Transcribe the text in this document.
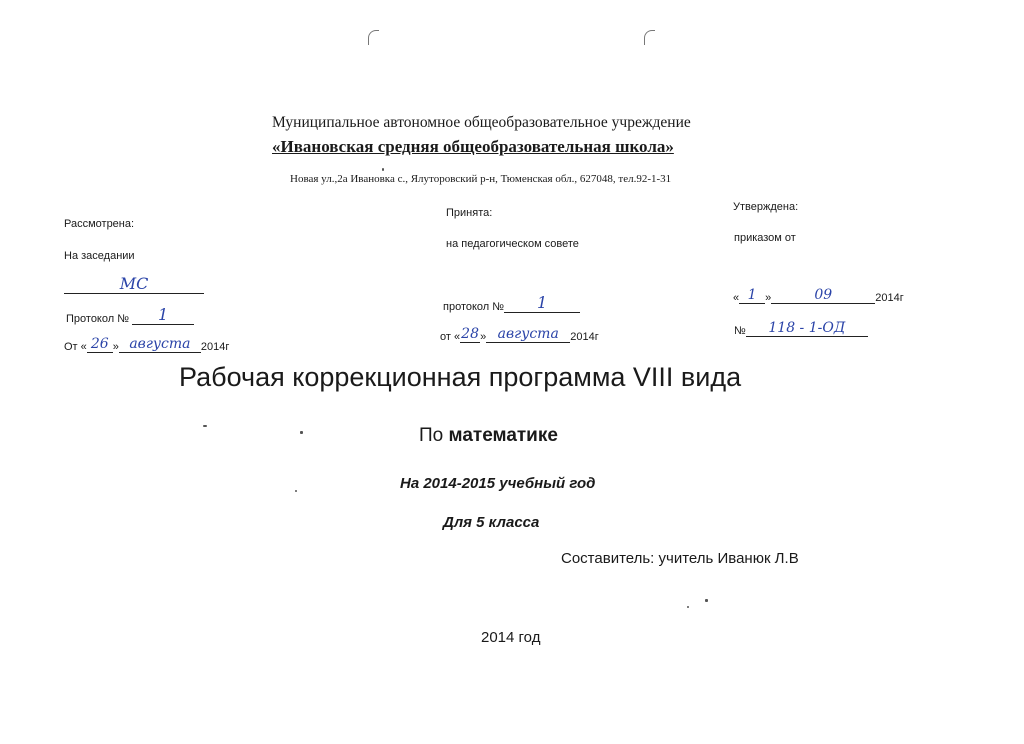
Муниципальное автономное общеобразовательное учреждение
«Ивановская средняя общеобразовательная школа»
Новая ул.,2а Ивановка с., Ялуторовский р-н, Тюменская обл., 627048, тел.92-1-31
Рассмотрена:
На заседании
МС
Протокол №	1
От « 26 » августа 2014г
Принята:
на педагогическом совете
протокол №	1
от « 28 » августа	2014г
Утверждена:
приказом от
« 1 »	09	2014г
№	118 - 1-ОД
Рабочая коррекционная программа VIII вида
По математике
На 2014-2015 учебный год
Для 5 класса
Составитель: учитель Иванюк Л.В
2014 год
